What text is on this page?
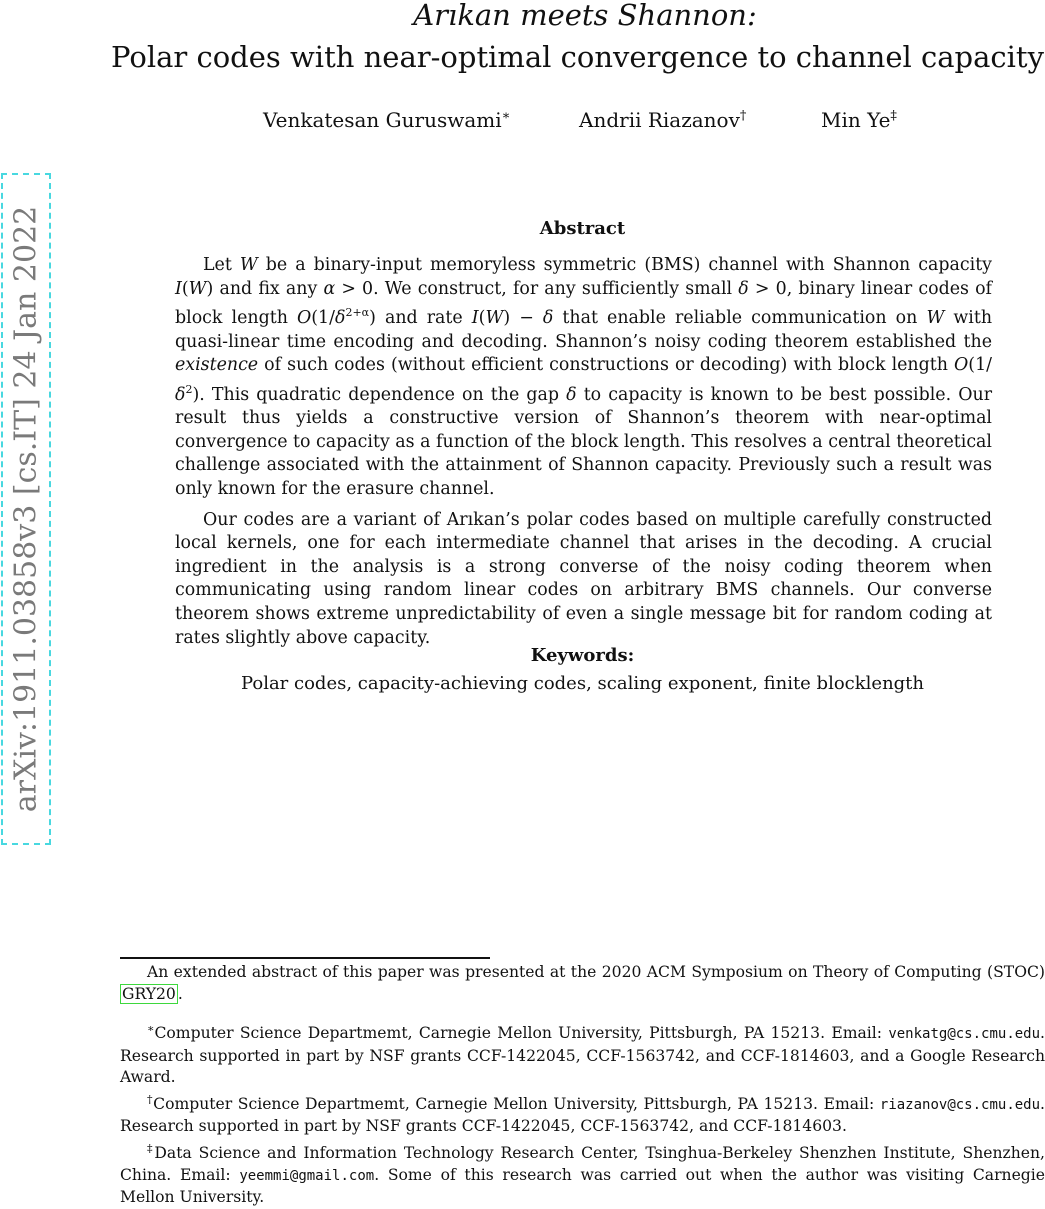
Arıkan meets Shannon:
Polar codes with near-optimal convergence to channel capacity
Venkatesan Guruswami∗	Andrii Riazanov†	Min Ye‡
arXiv:1911.03858v3 [cs.IT] 24 Jan 2022	Abstract

Let W be a binary-input memoryless symmetric (BMS) channel with Shannon capacity I(W) and fix any α > 0. We construct, for any sufficiently small δ > 0, binary linear codes of block length $O(1/\delta^{2+\alpha})$ and rate I(W) − δ that enable reliable communication on W with quasi-linear time encoding and decoding. Shannon’s noisy coding theorem established the existence of such codes (without efficient constructions or decoding) with block length $O(1/\delta^2)$. This quadratic dependence on the gap δ to capacity is known to be best possible. Our result thus yields a constructive version of Shannon’s theorem with near-optimal convergence to capacity as a function of the block length. This resolves a central theoretical challenge associated with the attainment of Shannon capacity. Previously such a result was only known for the erasure channel.

Our codes are a variant of Arıkan’s polar codes based on multiple carefully constructed local kernels, one for each intermediate channel that arises in the decoding. A crucial ingredient in the analysis is a strong converse of the noisy coding theorem when communicating using random linear codes on arbitrary BMS channels. Our converse theorem shows extreme unpredictability of even a single message bit for random coding at rates slightly above capacity.

Keywords:
Polar codes, capacity-achieving codes, scaling exponent, finite blocklength

An extended abstract of this paper was presented at the 2020 ACM Symposium on Theory of Computing (STOC) GRY20 .

∗Computer Science Departmemt, Carnegie Mellon University, Pittsburgh, PA 15213. Email: venkatg@cs.cmu.edu. Research supported in part by NSF grants CCF-1422045, CCF-1563742, and CCF-1814603, and a Google Research Award.

†Computer Science Departmemt, Carnegie Mellon University, Pittsburgh, PA 15213. Email: riazanov@cs.cmu.edu. Research supported in part by NSF grants CCF-1422045, CCF-1563742, and CCF-1814603.

‡Data Science and Information Technology Research Center, Tsinghua-Berkeley Shenzhen Institute, Shenzhen, China. Email: yeemmi@gmail.com. Some of this research was carried out when the author was visiting Carnegie Mellon University.
